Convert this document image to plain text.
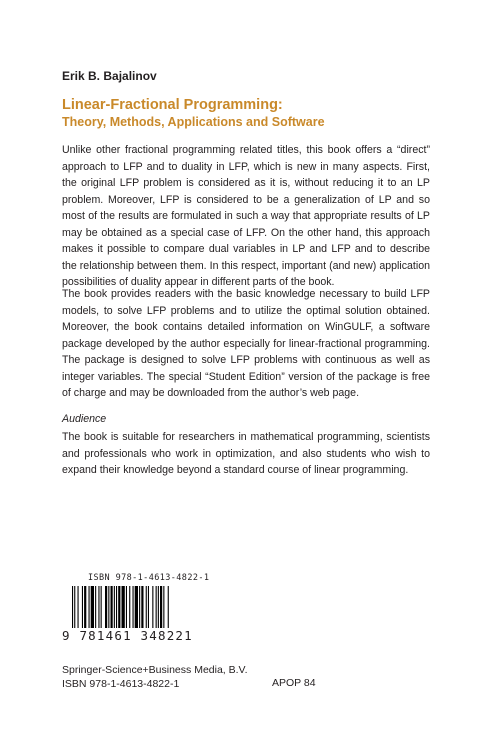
Erik B. Bajalinov

Linear-Fractional Programming:
Theory, Methods, Applications and Software

Unlike other fractional programming related titles, this book offers a “direct” approach to LFP and to duality in LFP, which is new in many aspects. First, the original LFP problem is considered as it is, without reducing it to an LP problem. Moreover, LFP is considered to be a generalization of LP and so most of the results are formulated in such a way that appropriate results of LP may be obtained as a special case of LFP. On the other hand, this approach makes it possible to compare dual variables in LP and LFP and to describe the relationship between them. In this respect, important (and new) application possibilities of duality appear in different parts of the book.

The book provides readers with the basic knowledge necessary to build LFP models, to solve LFP problems and to utilize the optimal solution obtained. Moreover, the book contains detailed information on WinGULF, a software package developed by the author especially for linear-fractional programming. The package is designed to solve LFP problems with continuous as well as integer variables. The special “Student Edition” version of the package is free of charge and may be downloaded from the author’s web page.

Audience

The book is suitable for researchers in mathematical programming, scientists and professionals who work in optimization, and also students who wish to expand their knowledge beyond a standard course of linear programming.

ISBN 978-1-4613-4822-1
9 781461 348221

Springer-Science+Business Media, B.V.
ISBN 978-1-4613-4822-1	APOP 84
